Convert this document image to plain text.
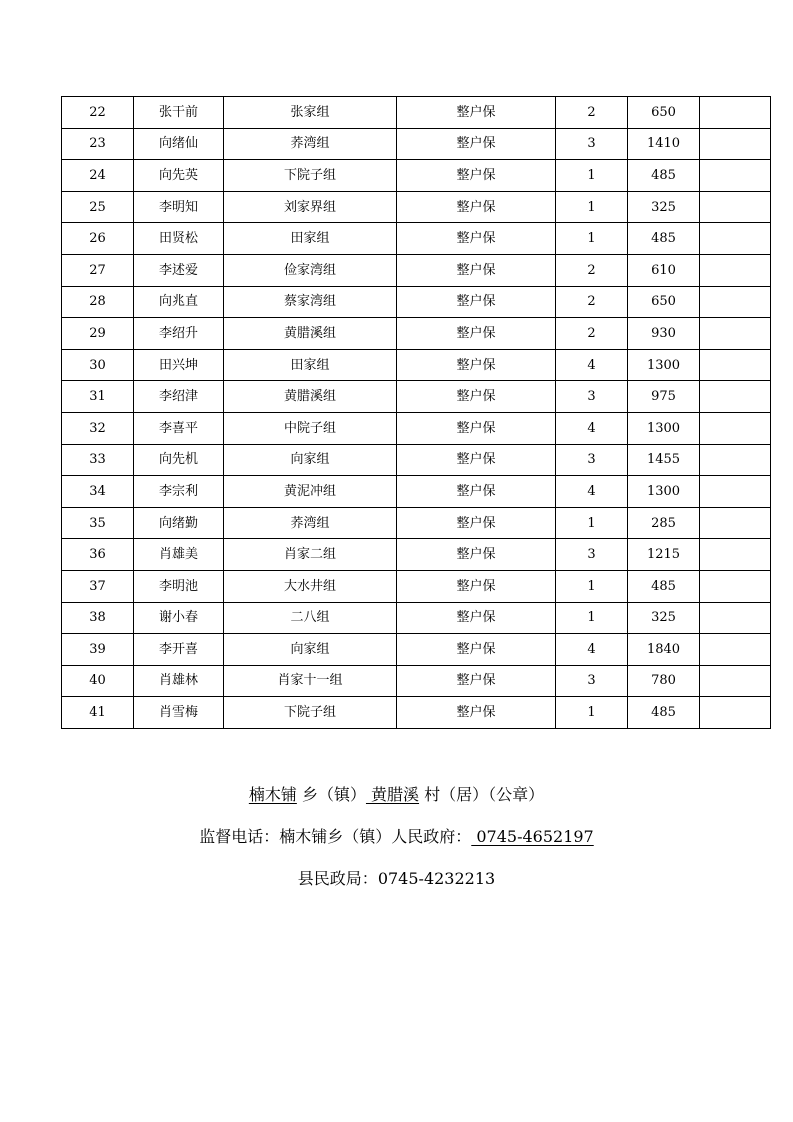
22	张干前	张家组	整户保	2	650	
23	向绪仙	荞湾组	整户保	3	1410	
24	向先英	下院子组	整户保	1	485	
25	李明知	刘家界组	整户保	1	325	
26	田贤松	田家组	整户保	1	485	
27	李述爱	俭家湾组	整户保	2	610	
28	向兆直	蔡家湾组	整户保	2	650	
29	李绍升	黄腊溪组	整户保	2	930	
30	田兴坤	田家组	整户保	4	1300	
31	李绍津	黄腊溪组	整户保	3	975	
32	李喜平	中院子组	整户保	4	1300	
33	向先机	向家组	整户保	3	1455	
34	李宗利	黄泥冲组	整户保	4	1300	
35	向绪勤	荞湾组	整户保	1	285	
36	肖雄美	肖家二组	整户保	3	1215	
37	李明池	大水井组	整户保	1	485	
38	谢小春	二八组	整户保	1	325	
39	李开喜	向家组	整户保	4	1840	
40	肖雄林	肖家十一组	整户保	3	780	
41	肖雪梅	下院子组	整户保	1	485	
楠木铺 乡（镇） 黄腊溪 村（居）（公章）
监督电话：楠木铺乡（镇）人民政府： 0745-4652197
县民政局：0745-4232213
